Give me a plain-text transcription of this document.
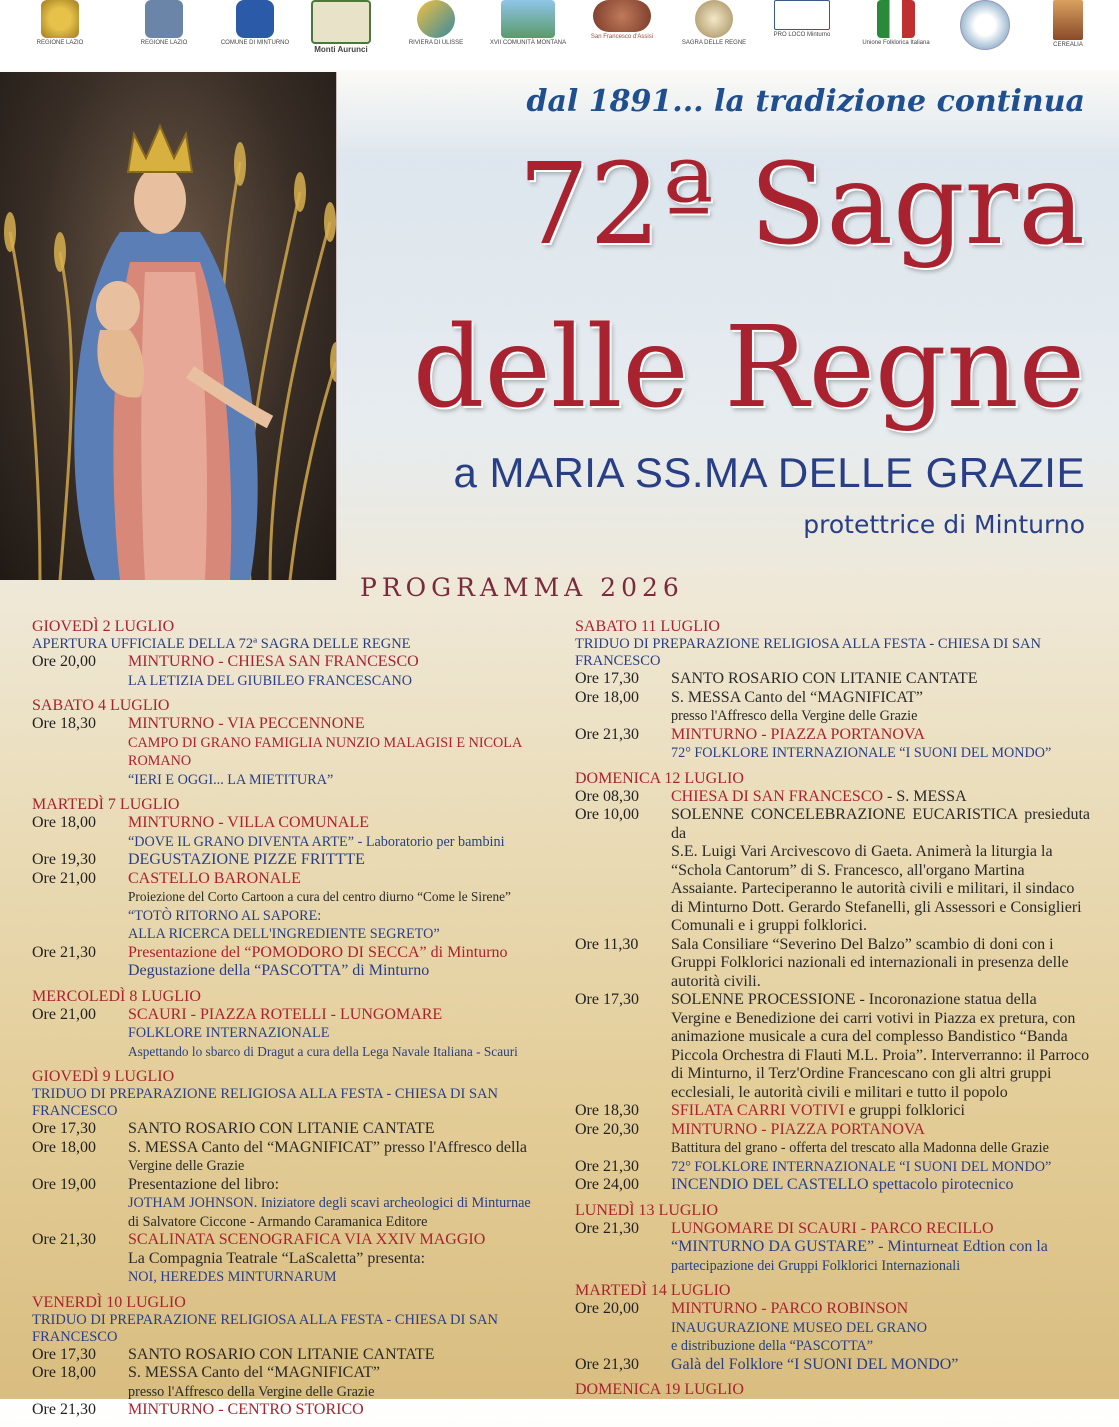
REGIONE LAZIO	REGIONE LAZIO	COMUNE DI MINTURNO
Monti Aurunci
RIVIERA DI ULISSE	XVII COMUNITÀ MONTANA
San Francesco d'Assisi
SAGRA DELLE REGNE
PRO LOCO Minturno
Unione Folklorica Italiana	CEREALIA
dal 1891... la tradizione continua
72ª Sagra
delle Regne
a MARIA SS.MA DELLE GRAZIE
protettrice di Minturno
PROGRAMMA 2026
GIOVEDÌ 2 LUGLIO
APERTURA UFFICIALE DELLA 72ª SAGRA DELLE REGNE
Ore 20,00	MINTURNO - CHIESA SAN FRANCESCO
LA LETIZIA DEL GIUBILEO FRANCESCANO
SABATO 4 LUGLIO
Ore 18,30	MINTURNO - VIA PECCENNONE
CAMPO DI GRANO FAMIGLIA NUNZIO MALAGISI E NICOLA ROMANO
“IERI E OGGI... LA MIETITURA”
MARTEDÌ 7 LUGLIO
Ore 18,00	MINTURNO - VILLA COMUNALE
“DOVE IL GRANO DIVENTA ARTE” - Laboratorio per bambini
Ore 19,30	DEGUSTAZIONE PIZZE FRITTTE
Ore 21,00	CASTELLO BARONALE
Proiezione del Corto Cartoon a cura del centro diurno “Come le Sirene”
“TOTÒ RITORNO AL SAPORE:
ALLA RICERCA DELL'INGREDIENTE SEGRETO”
Ore 21,30	Presentazione del “POMODORO DI SECCA” di Minturno
Degustazione della “PASCOTTA” di Minturno
MERCOLEDÌ 8 LUGLIO
Ore 21,00	SCAURI - PIAZZA ROTELLI - LUNGOMARE
FOLKLORE INTERNAZIONALE
Aspettando lo sbarco di Dragut a cura della Lega Navale Italiana - Scauri
GIOVEDÌ 9 LUGLIO
TRIDUO DI PREPARAZIONE RELIGIOSA ALLA FESTA - CHIESA DI SAN FRANCESCO
Ore 17,30	SANTO ROSARIO CON LITANIE CANTATE
Ore 18,00	S. MESSA Canto del “MAGNIFICAT” presso l'Affresco della
Vergine delle Grazie
Ore 19,00	Presentazione del libro:
JOTHAM JOHNSON. Iniziatore degli scavi archeologici di Minturnae
di Salvatore Ciccone - Armando Caramanica Editore
Ore 21,30	SCALINATA SCENOGRAFICA VIA XXIV MAGGIO
La Compagnia Teatrale “LaScaletta” presenta:
NOI, HEREDES MINTURNARUM
VENERDÌ 10 LUGLIO
TRIDUO DI PREPARAZIONE RELIGIOSA ALLA FESTA - CHIESA DI SAN FRANCESCO
Ore 17,30	SANTO ROSARIO CON LITANIE CANTATE
Ore 18,00	S. MESSA Canto del “MAGNIFICAT”
presso l'Affresco della Vergine delle Grazie
Ore 21,30	MINTURNO - CENTRO STORICO
SABATO 11 LUGLIO
TRIDUO DI PREPARAZIONE RELIGIOSA ALLA FESTA - CHIESA DI SAN FRANCESCO
Ore 17,30	SANTO ROSARIO CON LITANIE CANTATE
Ore 18,00	S. MESSA Canto del “MAGNIFICAT”
presso l'Affresco della Vergine delle Grazie
Ore 21,30	MINTURNO - PIAZZA PORTANOVA
72° FOLKLORE INTERNAZIONALE “I SUONI DEL MONDO”
DOMENICA 12 LUGLIO
Ore 08,30	CHIESA DI SAN FRANCESCO - S. MESSA
Ore 10,00	SOLENNE CONCELEBRAZIONE EUCARISTICA presieduta da
S.E. Luigi Vari Arcivescovo di Gaeta. Animerà la liturgia la
“Schola Cantorum” di S. Francesco, all'organo Martina
Assaiante. Parteciperanno le autorità civili e militari, il sindaco
di Minturno Dott. Gerardo Stefanelli, gli Assessori e Consiglieri
Comunali e i gruppi folklorici.
Ore 11,30	Sala Consiliare “Severino Del Balzo” scambio di doni con i
Gruppi Folklorici nazionali ed internazionali in presenza delle
autorità civili.
Ore 17,30	SOLENNE PROCESSIONE - Incoronazione statua della
Vergine e Benedizione dei carri votivi in Piazza ex pretura, con
animazione musicale a cura del complesso Bandistico “Banda
Piccola Orchestra di Flauti M.L. Proia”. Interverranno: il Parroco
di Minturno, il Terz'Ordine Francescano con gli altri gruppi
ecclesiali, le autorità civili e militari e tutto il popolo
Ore 18,30	SFILATA CARRI VOTIVI e gruppi folklorici
Ore 20,30	MINTURNO - PIAZZA PORTANOVA
Battitura del grano - offerta del trescato alla Madonna delle Grazie
Ore 21,30	72° FOLKLORE INTERNAZIONALE “I SUONI DEL MONDO”
Ore 24,00	INCENDIO DEL CASTELLO spettacolo pirotecnico
LUNEDÌ 13 LUGLIO
Ore 21,30	LUNGOMARE DI SCAURI - PARCO RECILLO
“MINTURNO DA GUSTARE” - Minturneat Edtion con la
partecipazione dei Gruppi Folklorici Internazionali
MARTEDÌ 14 LUGLIO
Ore 20,00	MINTURNO - PARCO ROBINSON
INAUGURAZIONE MUSEO DEL GRANO
e distribuzione della “PASCOTTA”
Ore 21,30	Galà del Folklore “I SUONI DEL MONDO”
DOMENICA 19 LUGLIO
